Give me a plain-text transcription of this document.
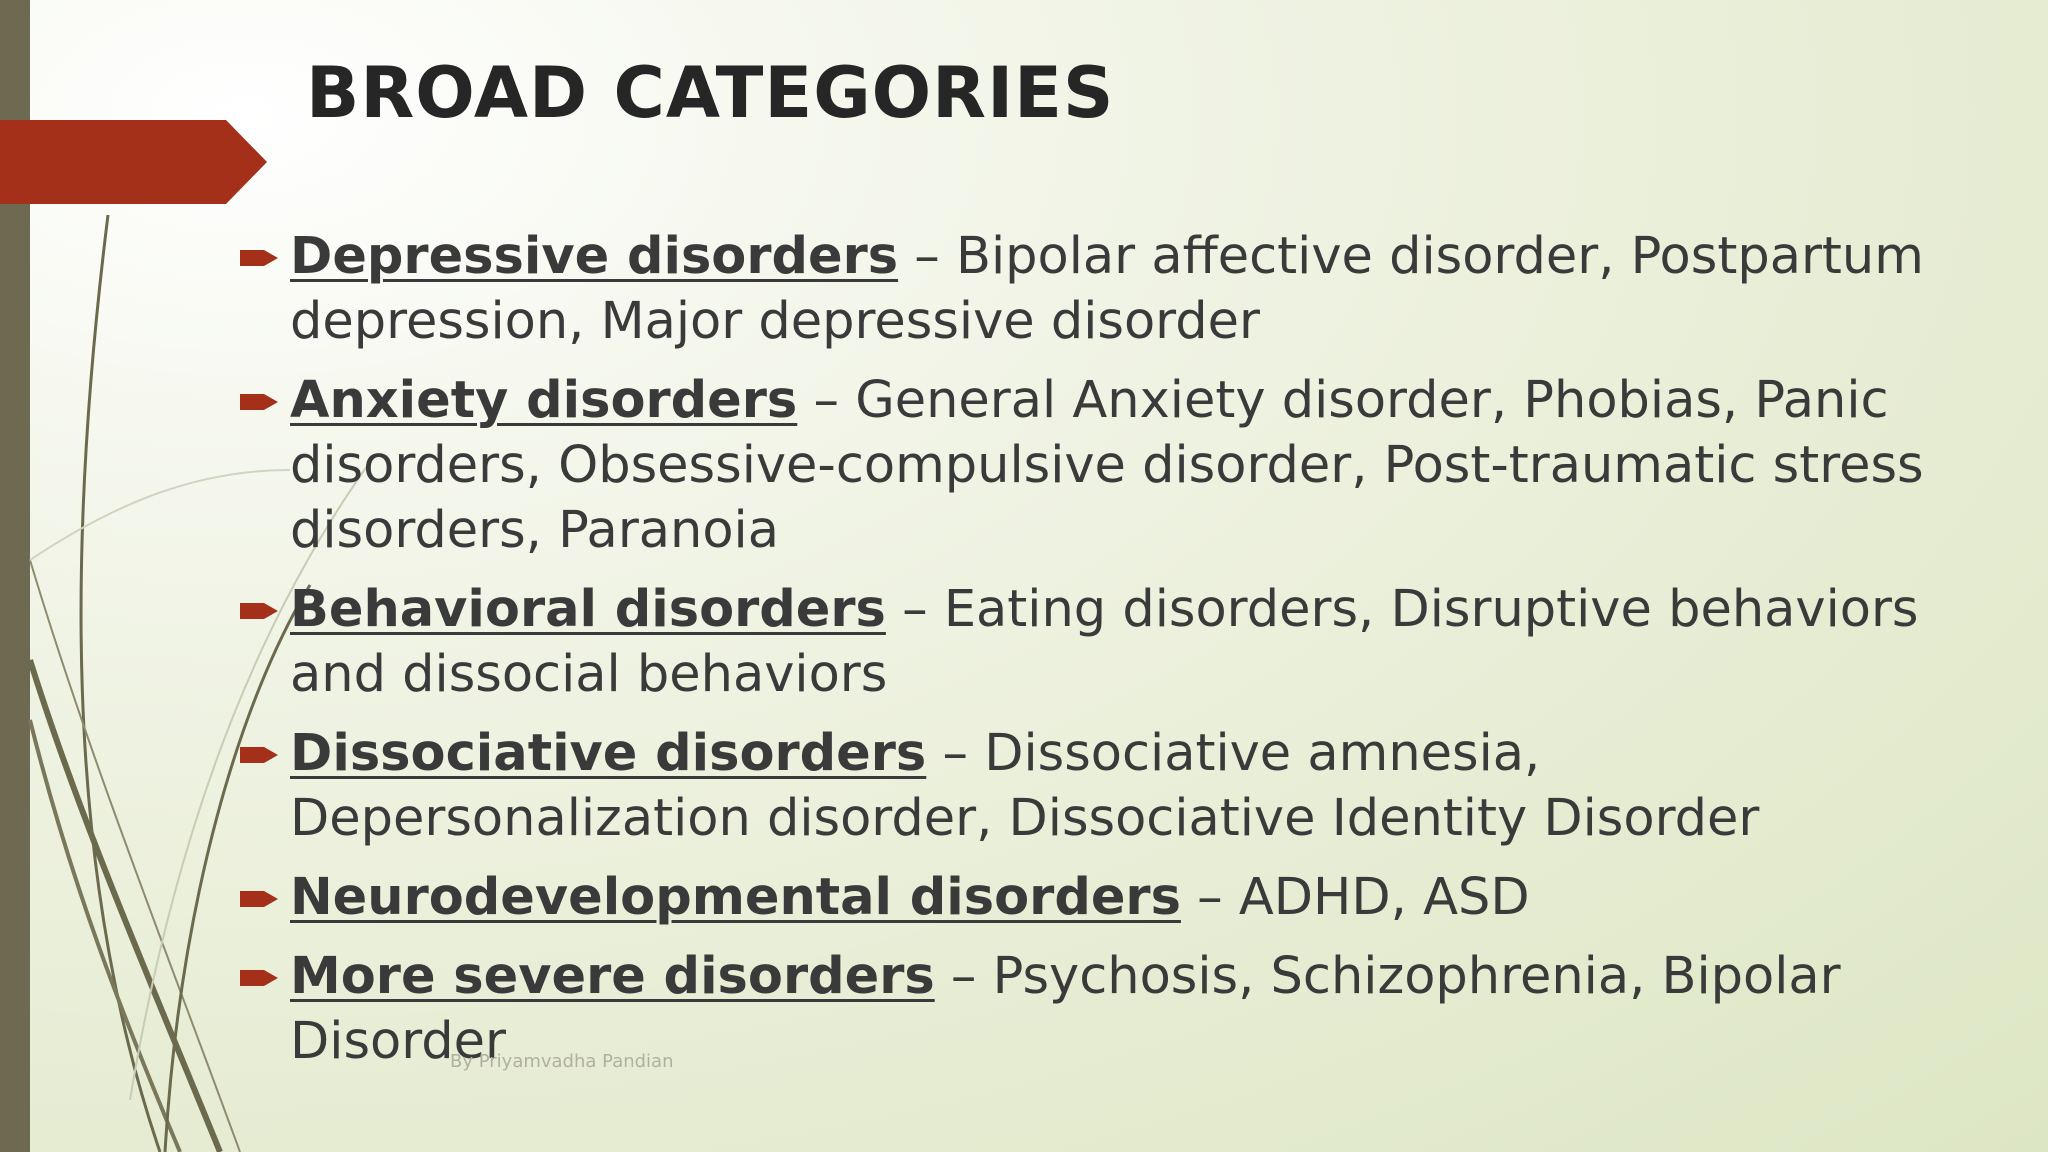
BROAD CATEGORIES
Depressive disorders – Bipolar affective disorder, Postpartum depression, Major depressive disorder
Anxiety disorders – General Anxiety disorder, Phobias, Panic disorders, Obsessive-compulsive disorder, Post-traumatic stress disorders, Paranoia
Behavioral disorders – Eating disorders, Disruptive behaviors and dissocial behaviors
Dissociative disorders – Dissociative amnesia, Depersonalization disorder, Dissociative Identity Disorder
Neurodevelopmental disorders – ADHD, ASD
More severe disorders – Psychosis, Schizophrenia, Bipolar Disorder
By Priyamvadha Pandian
